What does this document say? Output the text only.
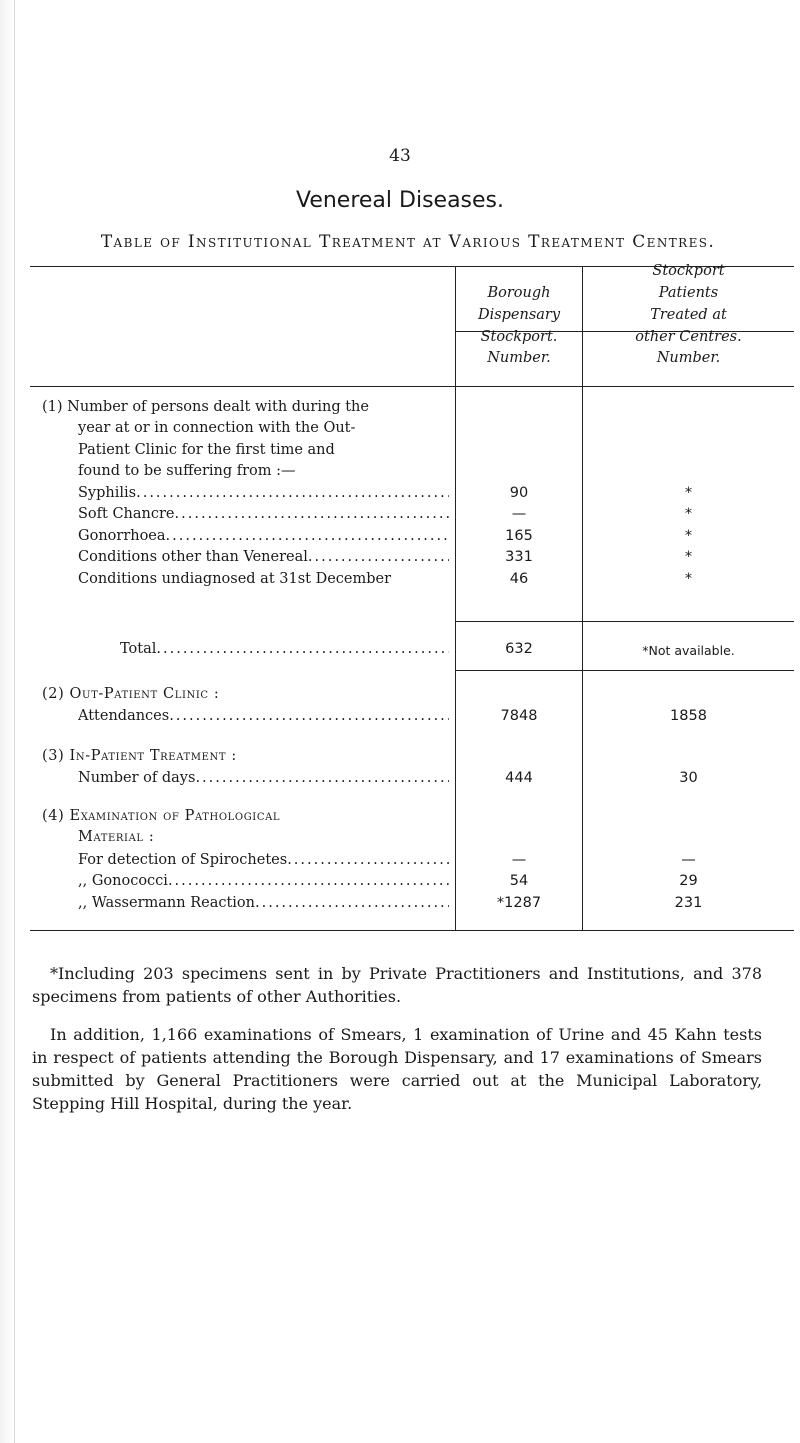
43
Venereal Diseases.
Table of Institutional Treatment at Various Treatment Centres.
Borough
Dispensary
Stockport.
Stockport
Patients
Treated at
other Centres.
Number.	Number.
(1) Number of persons dealt with during the
year at or in connection with the Out-
Patient Clinic for the first time and
found to be suffering from :—
Syphilis .....	90	*
Soft Chancre .....	—	*
Gonorrhoea .....	165	*
Conditions other than Venereal .....	331	*
Conditions undiagnosed at 31st December	46	*
Total .....	632	*Not available.
(2) Out-Patient Clinic :
Attendances .....	7848	1858
(3) In-Patient Treatment :
Number of days .....	444	30
(4) Examination of Pathological
Material :
For detection of Spirochetes .....	—	—
,, Gonococci .....	54	29
,, Wassermann Reaction .....	*1287	231
*Including 203 specimens sent in by Private Practitioners and Institutions, and 378 specimens from patients of other Authorities.
In addition, 1,166 examinations of Smears, 1 examination of Urine and 45 Kahn tests in respect of patients attending the Borough Dispensary, and 17 examinations of Smears submitted by General Practitioners were carried out at the Municipal Laboratory, Stepping Hill Hospital, during the year.
